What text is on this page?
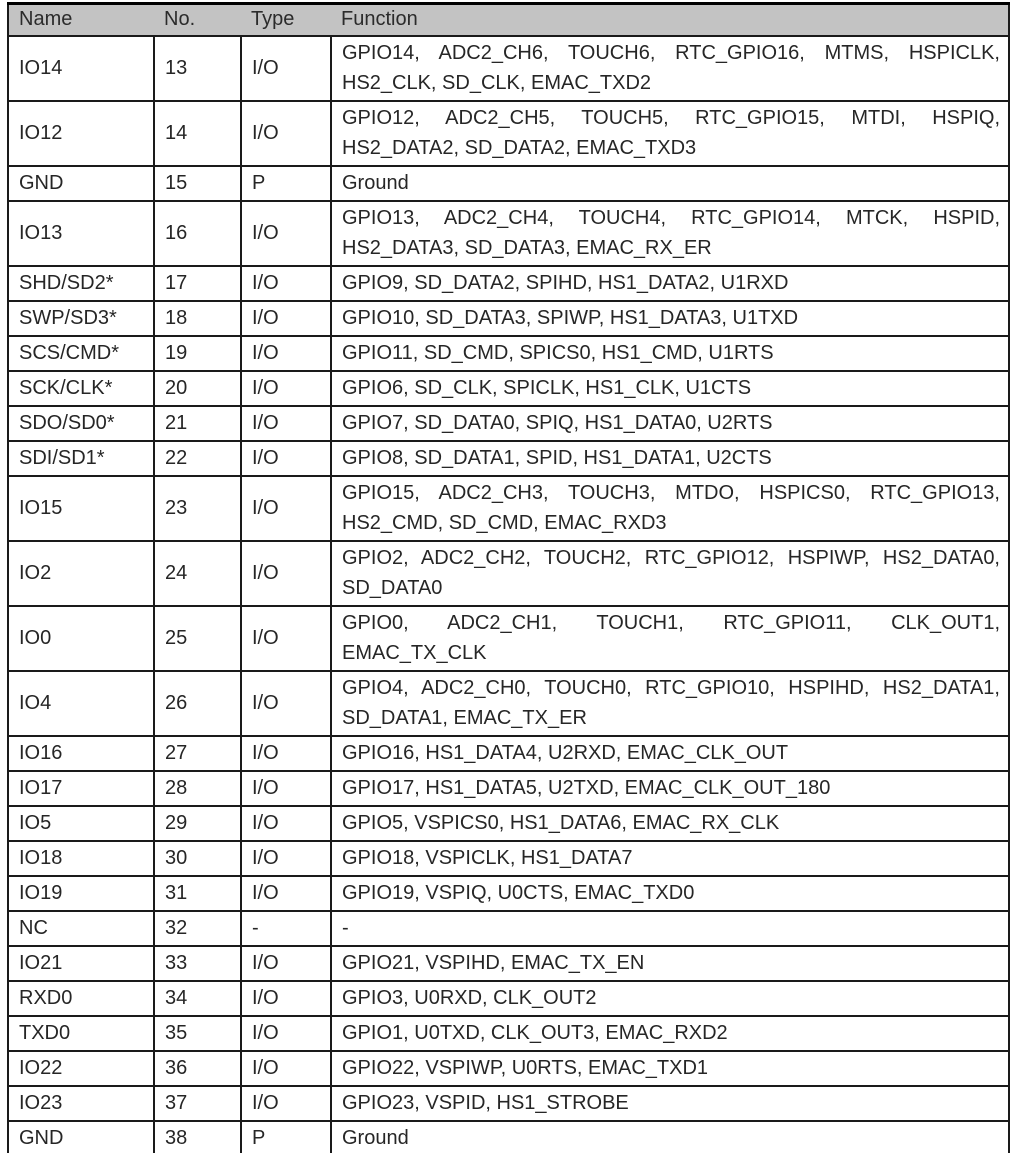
Name	No.	Type	Function
IO14	13	I/O	GPIO14, ADC2_CH6, TOUCH6, RTC_GPIO16, MTMS, HSPICLK, HS2_CLK, SD_CLK, EMAC_TXD2
IO12	14	I/O	GPIO12, ADC2_CH5, TOUCH5, RTC_GPIO15, MTDI, HSPIQ, HS2_DATA2, SD_DATA2, EMAC_TXD3
GND	15	P	Ground
IO13	16	I/O	GPIO13, ADC2_CH4, TOUCH4, RTC_GPIO14, MTCK, HSPID, HS2_DATA3, SD_DATA3, EMAC_RX_ER
SHD/SD2*	17	I/O	GPIO9, SD_DATA2, SPIHD, HS1_DATA2, U1RXD
SWP/SD3*	18	I/O	GPIO10, SD_DATA3, SPIWP, HS1_DATA3, U1TXD
SCS/CMD*	19	I/O	GPIO11, SD_CMD, SPICS0, HS1_CMD, U1RTS
SCK/CLK*	20	I/O	GPIO6, SD_CLK, SPICLK, HS1_CLK, U1CTS
SDO/SD0*	21	I/O	GPIO7, SD_DATA0, SPIQ, HS1_DATA0, U2RTS
SDI/SD1*	22	I/O	GPIO8, SD_DATA1, SPID, HS1_DATA1, U2CTS
IO15	23	I/O	GPIO15, ADC2_CH3, TOUCH3, MTDO, HSPICS0, RTC_GPIO13, HS2_CMD, SD_CMD, EMAC_RXD3
IO2	24	I/O	GPIO2, ADC2_CH2, TOUCH2, RTC_GPIO12, HSPIWP, HS2_DATA0, SD_DATA0
IO0	25	I/O	GPIO0, ADC2_CH1, TOUCH1, RTC_GPIO11, CLK_OUT1, EMAC_TX_CLK
IO4	26	I/O	GPIO4, ADC2_CH0, TOUCH0, RTC_GPIO10, HSPIHD, HS2_DATA1, SD_DATA1, EMAC_TX_ER
IO16	27	I/O	GPIO16, HS1_DATA4, U2RXD, EMAC_CLK_OUT
IO17	28	I/O	GPIO17, HS1_DATA5, U2TXD, EMAC_CLK_OUT_180
IO5	29	I/O	GPIO5, VSPICS0, HS1_DATA6, EMAC_RX_CLK
IO18	30	I/O	GPIO18, VSPICLK, HS1_DATA7
IO19	31	I/O	GPIO19, VSPIQ, U0CTS, EMAC_TXD0
NC	32	-	-
IO21	33	I/O	GPIO21, VSPIHD, EMAC_TX_EN
RXD0	34	I/O	GPIO3, U0RXD, CLK_OUT2
TXD0	35	I/O	GPIO1, U0TXD, CLK_OUT3, EMAC_RXD2
IO22	36	I/O	GPIO22, VSPIWP, U0RTS, EMAC_TXD1
IO23	37	I/O	GPIO23, VSPID, HS1_STROBE
GND	38	P	Ground
